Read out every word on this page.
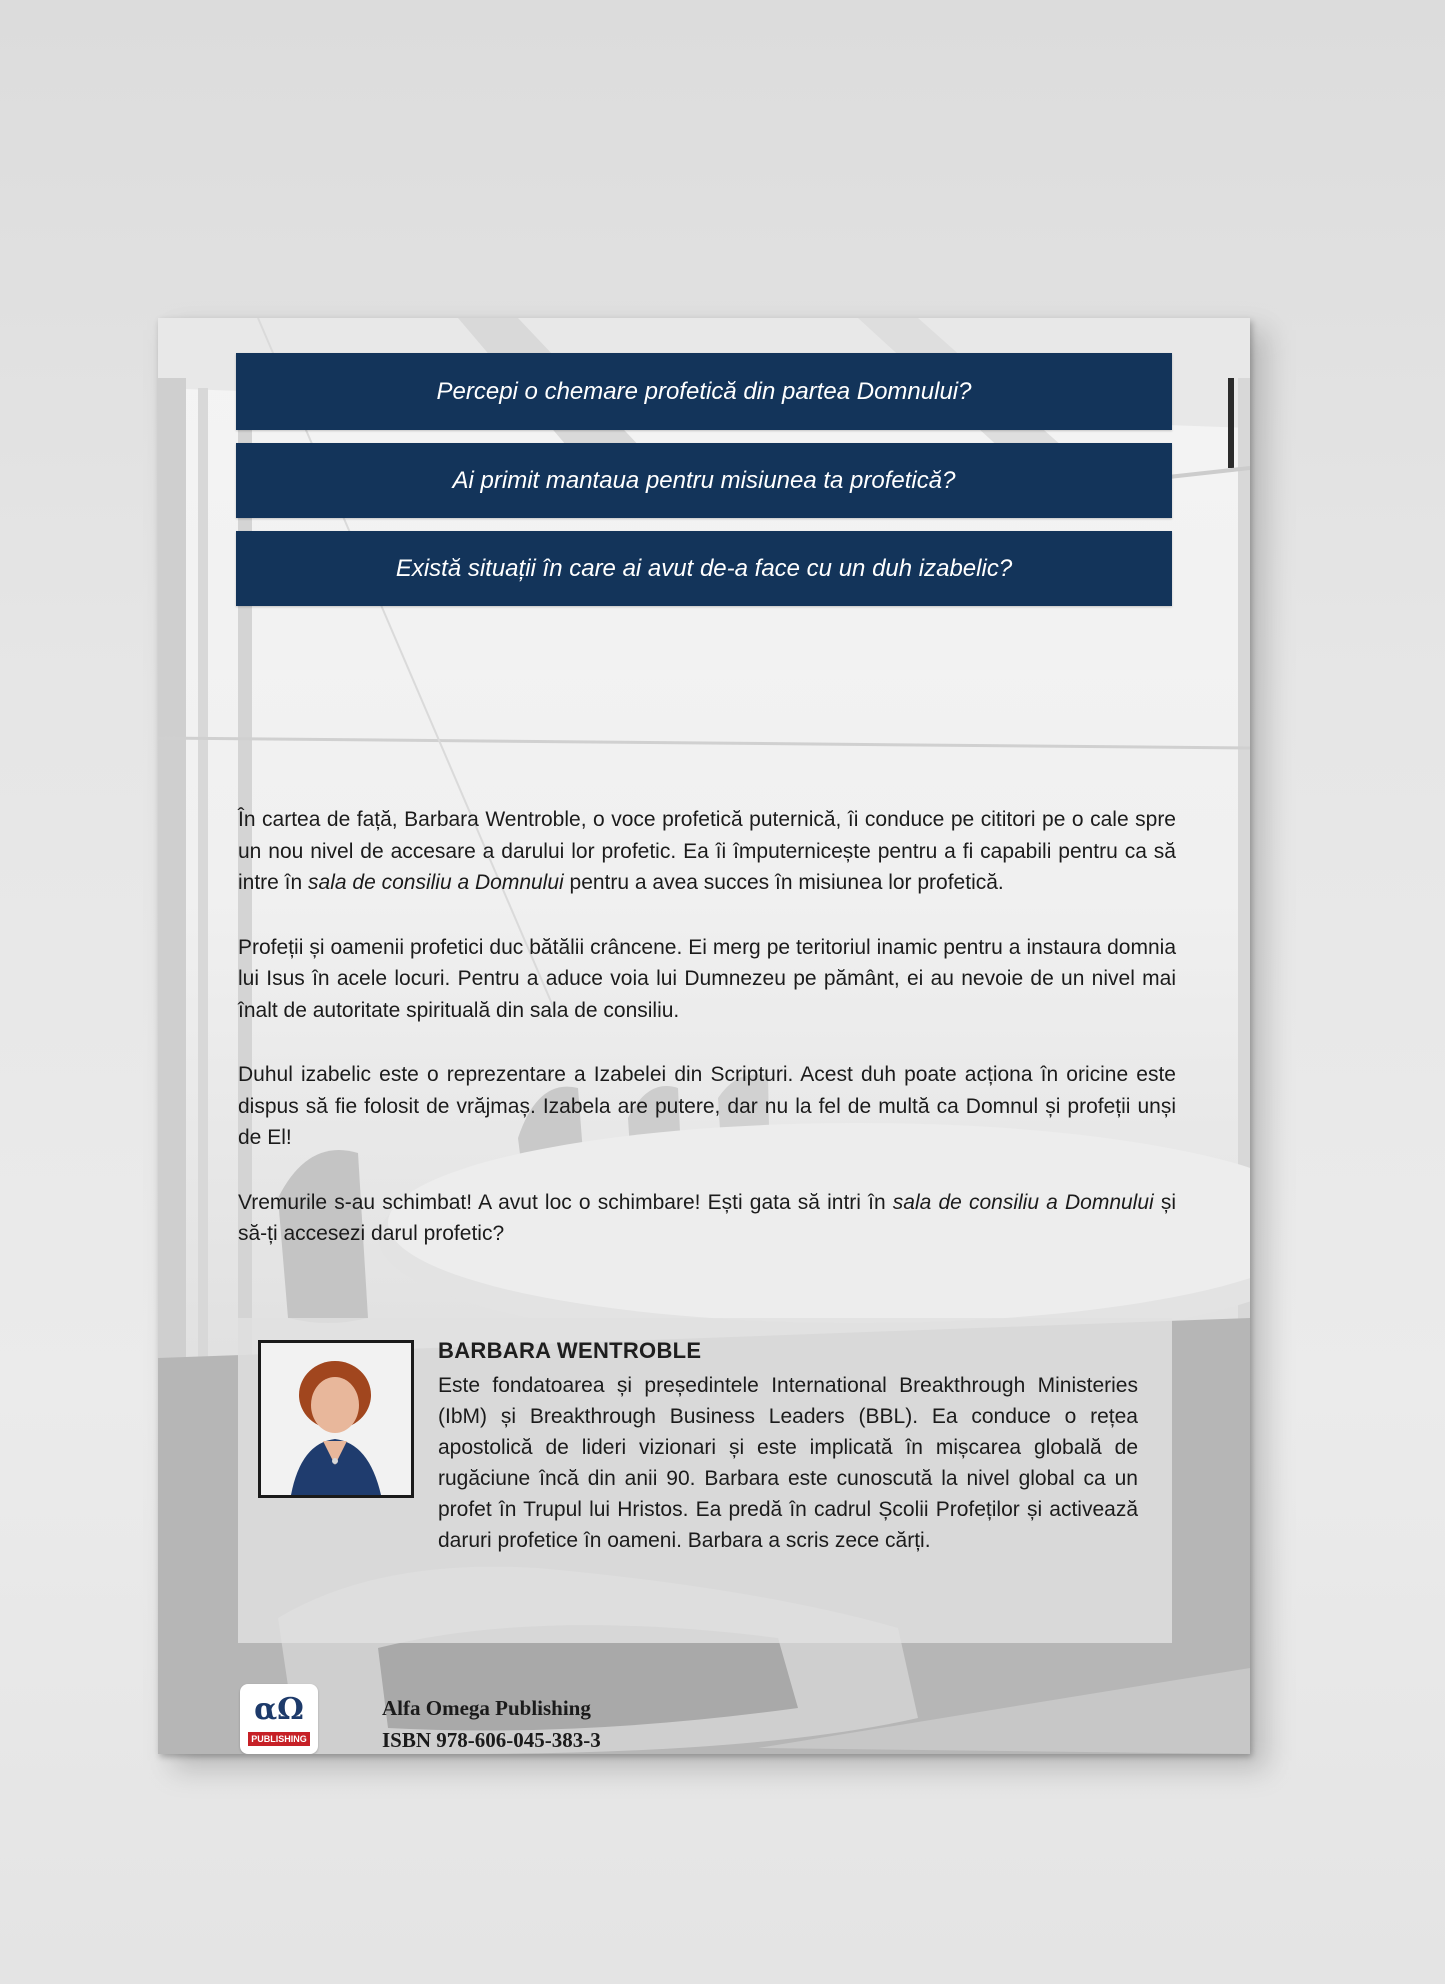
Percepi o chemare profetică din partea Domnului?
Ai primit mantaua pentru misiunea ta profetică?
Există situații în care ai avut de-a face cu un duh izabelic?

În cartea de față, Barbara Wentroble, o voce profetică puternică, îi conduce pe cititori pe o cale spre un nou nivel de accesare a darului lor profetic. Ea îi împuternicește pentru a fi capabili pentru ca să intre în sala de consiliu a Domnului pentru a avea succes în misiunea lor profetică.

Profeții și oamenii profetici duc bătălii crâncene. Ei merg pe teritoriul inamic pentru a instaura domnia lui Isus în acele locuri. Pentru a aduce voia lui Dumnezeu pe pământ, ei au nevoie de un nivel mai înalt de autoritate spirituală din sala de consiliu.

Duhul izabelic este o reprezentare a Izabelei din Scripturi. Acest duh poate acționa în oricine este dispus să fie folosit de vrăjmaș. Izabela are putere, dar nu la fel de multă ca Domnul și profeții unși de El!

Vremurile s-au schimbat! A avut loc o schimbare! Ești gata să intri în sala de consiliu a Domnului și să-ți accesezi darul profetic?

BARBARA WENTROBLE
Este fondatoarea și președintele International Breakthrough Ministeries (IbM) și Breakthrough Business Leaders (BBL). Ea conduce o rețea apostolică de lideri vizionari și este implicată în mișcarea globală de rugăciune încă din anii 90. Barbara este cunoscută la nivel global ca un profet în Trupul lui Hristos. Ea predă în cadrul Școlii Profeților și activează daruri profetice în oameni. Barbara a scris zece cărți.
αΩ
PUBLISHING
Alfa Omega Publishing
ISBN 978-606-045-383-3
